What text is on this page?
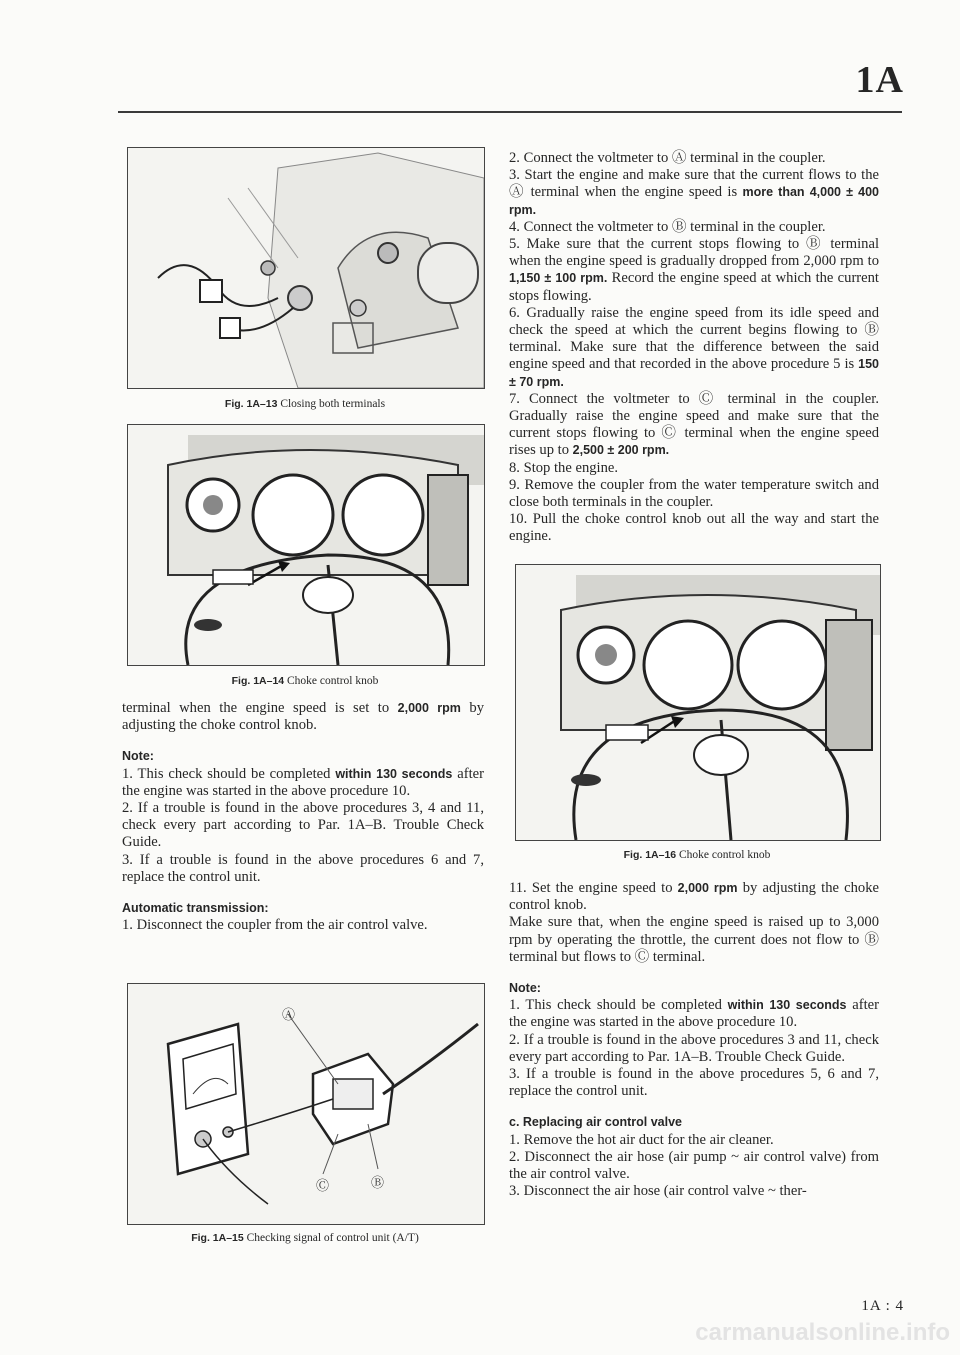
1A
Fig. 1A–13 Closing both terminals
Fig. 1A–14 Choke control knob

terminal when the engine speed is set to 2,000 rpm by adjusting the choke control knob.

Note:

1. This check should be completed within 130 seconds after the engine was started in the above procedure 10.

2. If a trouble is found in the above procedures 3, 4 and 11, check every part according to Par. 1A–B. Trouble Check Guide.

3. If a trouble is found in the above procedures 6 and 7, replace the control unit.

Automatic transmission:

1. Disconnect the coupler from the air control valve.

Ⓐ
Ⓒ	Ⓑ
Fig. 1A–15 Checking signal of control unit (A/T)

2. Connect the voltmeter to Ⓐ terminal in the coupler.

3. Start the engine and make sure that the current flows to the Ⓐ terminal when the engine speed is more than 4,000 ± 400 rpm.

4. Connect the voltmeter to Ⓑ terminal in the coupler.

5. Make sure that the current stops flowing to Ⓑ terminal when the engine speed is gradually dropped from 2,000 rpm to 1,150 ± 100 rpm. Record the engine speed at which the current stops flowing.

6. Gradually raise the engine speed from its idle speed and check the speed at which the current begins flowing to Ⓑ terminal. Make sure that the difference between the said engine speed and that recorded in the above procedure 5 is 150 ± 70 rpm.

7. Connect the voltmeter to Ⓒ terminal in the coupler. Gradually raise the engine speed and make sure that the current stops flowing to Ⓒ terminal when the engine speed rises up to 2,500 ± 200 rpm.

8. Stop the engine.

9. Remove the coupler from the water temperature switch and close both terminals in the coupler.

10. Pull the choke control knob out all the way and start the engine.

Fig. 1A–16 Choke control knob

11. Set the engine speed to 2,000 rpm by adjusting the choke control knob.

Make sure that, when the engine speed is raised up to 3,000 rpm by operating the throttle, the current does not flow to Ⓑ terminal but flows to Ⓒ terminal.

Note:

1. This check should be completed within 130 seconds after the engine was started in the above procedure 10.

2. If a trouble is found in the above procedures 3 and 11, check every part according to Par. 1A–B. Trouble Check Guide.

3. If a trouble is found in the above procedures 5, 6 and 7, replace the control unit.

c. Replacing air control valve

1. Remove the hot air duct for the air cleaner.

2. Disconnect the air hose (air pump ~ air control valve) from the air control valve.

3. Disconnect the air hose (air control valve ~ ther-

1A : 4
carmanualsonline.info
